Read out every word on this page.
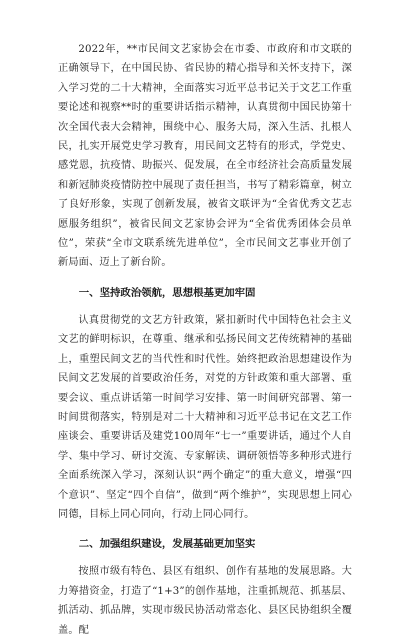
2022年，**市民间文艺家协会在市委、市政府和市文联的正确领导下，在中国民协、省民协的精心指导和关怀支持下，深入学习党的二十大精神，全面落实习近平总书记关于文艺工作重要论述和视察**时的重要讲话指示精神，认真贯彻中国民协第十次全国代表大会精神，围绕中心、服务大局，深入生活、扎根人民，扎实开展党史学习教育，用民间文艺特有的形式，学党史、感党恩，抗疫情、助振兴、促发展，在全市经济社会高质量发展和新冠肺炎疫情防控中展现了责任担当，书写了精彩篇章，树立了良好形象，实现了创新发展，被省文联评为“全省优秀文艺志愿服务组织”，被省民间文艺家协会评为“全省优秀团体会员单位”，荣获“全市文联系统先进单位”，全市民间文艺事业开创了新局面、迈上了新台阶。

一、坚持政治领航，思想根基更加牢固

认真贯彻党的文艺方针政策，紧扣新时代中国特色社会主义文艺的鲜明标识，在尊重、继承和弘扬民间文艺传统精神的基础上，重塑民间文艺的当代性和时代性。始终把政治思想建设作为民间文艺发展的首要政治任务，对党的方针政策和重大部署、重要会议、重点讲话第一时间学习安排、第一时间研究部署、第一时间贯彻落实，特别是对二十大精神和习近平总书记在文艺工作座谈会、重要讲话及建党100周年“七一”重要讲话，通过个人自学、集中学习、研讨交流、专家解读、调研领悟等多种形式进行全面系统深入学习，深刻认识“两个确定”的重大意义，增强“四个意识”、坚定“四个自信”，做到“两个维护”，实现思想上同心同德，目标上同心同向，行动上同心同行。

二、加强组织建设，发展基础更加坚实

按照市级有特色、县区有组织、创作有基地的发展思路。大力筹措资金，打造了“1+3”的创作基地，注重抓规范、抓基层、抓活动、抓品牌，实现市级民协活动常态化、县区民协组织全覆盖。配
